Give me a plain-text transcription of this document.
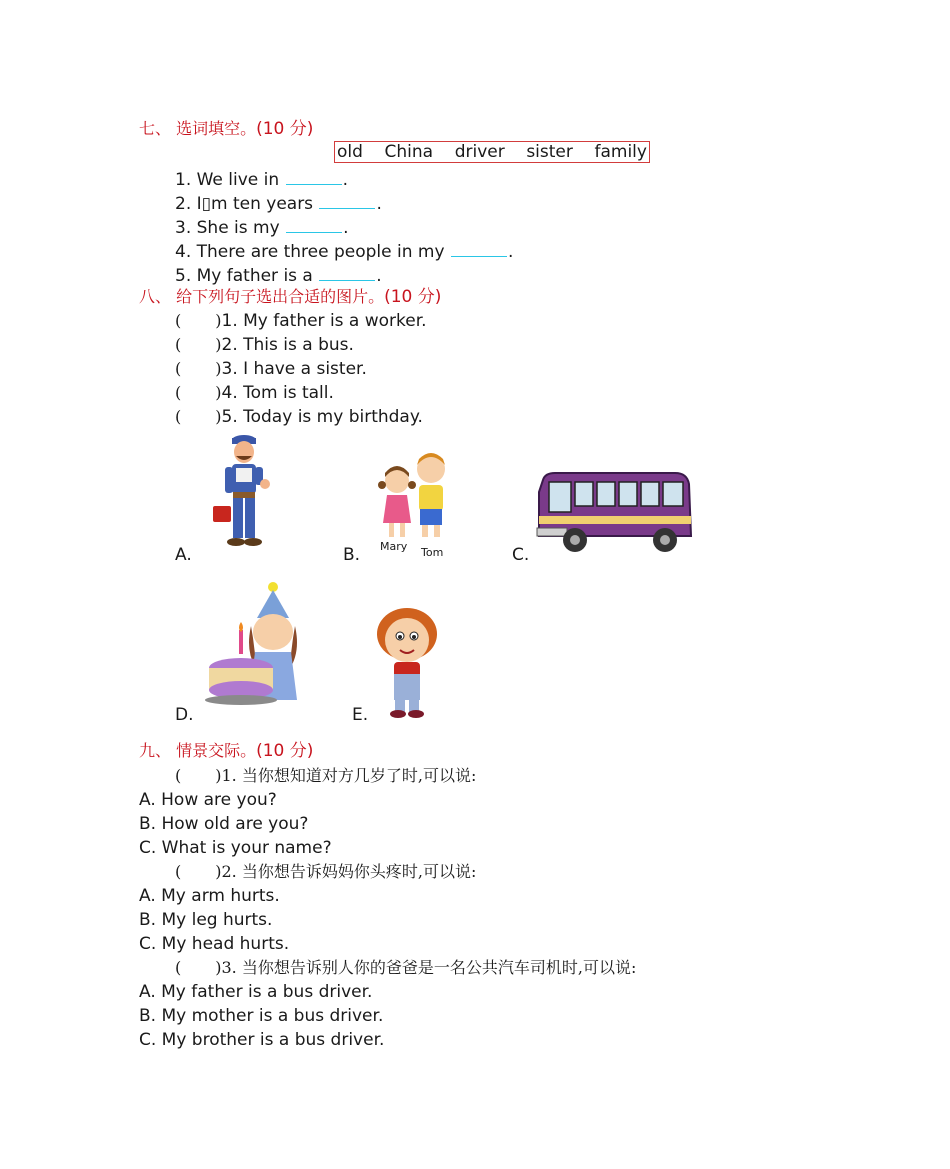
七、 选词填空。(10 分)
old China driver sister family
1. We live in	.
2. I▯m ten years	.
3. She is my	.
4. There are three people in my	.
5. My father is a	.
八、 给下列句子选出合适的图片。(10 分)
( )1. My father is a worker.
( )2. This is a bus.
( )3. I have a sister.
( )4. Tom is tall.
( )5. Today is my birthday.
A.	B. Mary Tom	C.
D.	E.
九、 情景交际。(10 分)
( )1. 当你想知道对方几岁了时,可以说:
A. How are you?
B. How old are you?
C. What is your name?
( )2. 当你想告诉妈妈你头疼时,可以说:
A. My arm hurts.
B. My leg hurts.
C. My head hurts.
( )3. 当你想告诉别人你的爸爸是一名公共汽车司机时,可以说:
A. My father is a bus driver.
B. My mother is a bus driver.
C. My brother is a bus driver.
